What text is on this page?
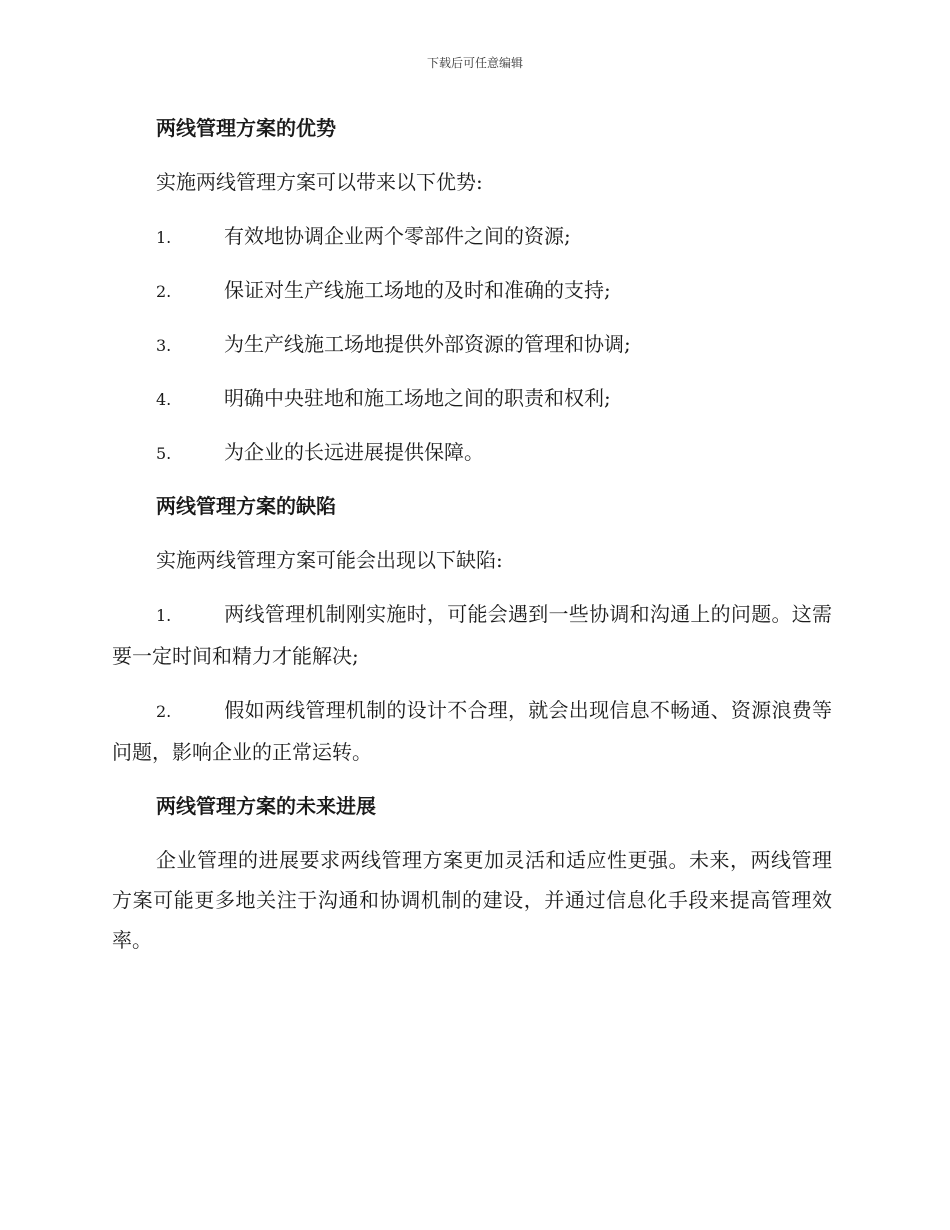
下载后可任意编辑
两线管理方案的优势

实施两线管理方案可以带来以下优势:

1.	有效地协调企业两个零部件之间的资源;
2.	保证对生产线施工场地的及时和准确的支持;
3.	为生产线施工场地提供外部资源的管理和协调;
4.	明确中央驻地和施工场地之间的职责和权利;
5.	为企业的长远进展提供保障。
两线管理方案的缺陷

实施两线管理方案可能会出现以下缺陷:

1.	两线管理机制刚实施时，可能会遇到一些协调和沟通上的问题。这需要一定时间和精力才能解决;
2.	假如两线管理机制的设计不合理，就会出现信息不畅通、资源浪费等问题，影响企业的正常运转。
两线管理方案的未来进展

企业管理的进展要求两线管理方案更加灵活和适应性更强。未来，两线管理方案可能更多地关注于沟通和协调机制的建设，并通过信息化手段来提高管理效率。
